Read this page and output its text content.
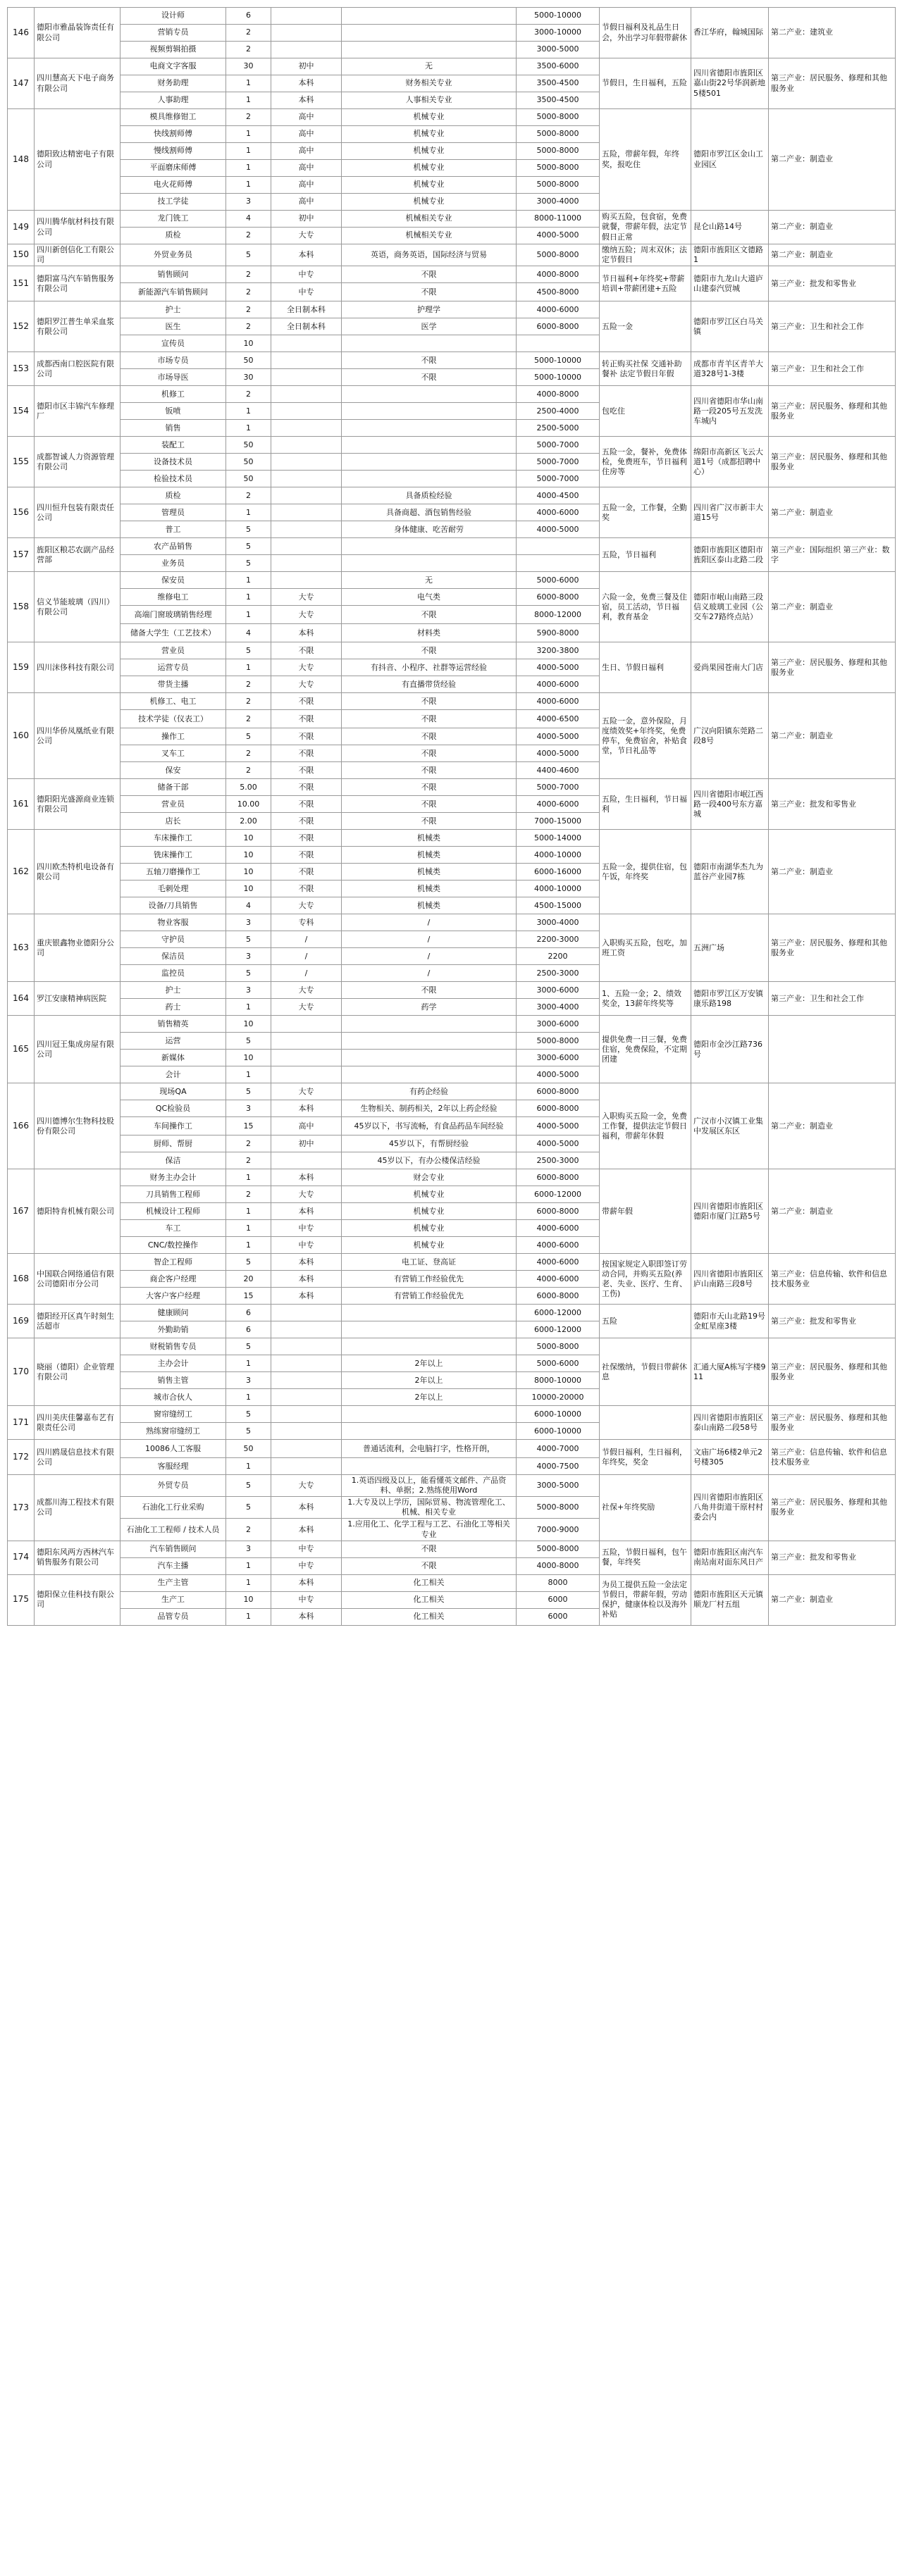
146	德阳市雅晶装饰责任有限公司	设计师	6			5000-10000	节假日福利及礼品生日会，外出学习年假带薪休	香江华府，翰城国际	第二产业：建筑业
		营销专员	2			3000-10000			
		视频剪辑拍摄	2			3000-5000			
147	四川慧高天下电子商务有限公司	电商文字客服	30	初中	无	3500-6000	节假日，生日福利，五险	四川省德阳市旌阳区嘉山街22号华润新地5楼501	第三产业：居民服务、修理和其他服务业
		财务助理	1	本科	财务相关专业	3500-4500			
		人事助理	1	本科	人事相关专业	3500-4500			
148	德阳致达精密电子有限公司	模具维修钳工	2	高中	机械专业	5000-8000	五险，带薪年假，年终奖，报吃住	德阳市罗江区金山工业园区	第二产业：制造业
		快线割师傅	1	高中	机械专业	5000-8000			
		慢线割师傅	1	高中	机械专业	5000-8000			
		平面磨床师傅	1	高中	机械专业	5000-8000			
		电火花师傅	1	高中	机械专业	5000-8000			
		技工学徒	3	高中	机械专业	3000-4000			
149	四川腾华航材科技有限公司	龙门铣工	4	初中	机械相关专业	8000-11000	购买五险，包食宿，免费就餐，带薪年假，法定节假日正常	昆仑山路14号	第二产业：制造业
		质检	2	大专	机械相关专业	4000-5000			
150	四川新创信化工有限公司	外贸业务员	5	本科	英语，商务英语，国际经济与贸易	5000-8000	缴纳五险；周末双休；法定节假日	德阳市旌阳区文德路1	第二产业：制造业
151	德阳富马汽车销售服务有限公司	销售顾问	2	中专	不限	4000-8000	节日福利+年终奖+带薪培训+带薪团建+五险	德阳市九龙山大道庐山建泰汽贸城	第三产业：批发和零售业
		新能源汽车销售顾问	2	中专	不限	4500-8000			
152	德阳罗江普生单采血浆有限公司	护士	2	全日制本科	护理学	4000-6000	五险一金	德阳市罗江区白马关镇	第三产业：卫生和社会工作
		医生	2	全日制本科	医学	6000-8000			
		宣传员	10						
153	成都西南口腔医院有限公司	市场专员	50		不限	5000-10000	转正购买社保 交通补助 餐补 法定节假日年假	成都市青羊区青羊大道328号1-3楼	第三产业：卫生和社会工作
		市场导医	30		不限	5000-10000			
154	德阳市区丰锦汽车修理厂	机修工	2			4000-8000	包吃住	四川省德阳市华山南路一段205号五发洗车城内	第三产业：居民服务、修理和其他服务业
		钣喷	1			2500-4000			
		销售	1			2500-5000			
155	成都智诚人力资源管理有限公司	装配工	50			5000-7000	五险一金，餐补，免费体检，免费班车，节日福利住房等	绵阳市高新区飞云大道1号（成都招聘中心）	第三产业：居民服务、修理和其他服务业
		设备技术员	50			5000-7000			
		检验技术员	50			5000-7000			
156	四川恒升包装有限责任公司	质检	2		具备质检经验	4000-4500	五险一金，工作餐，全勤奖	四川省广汉市新丰大道15号	第二产业：制造业
		管理员	1		具备商超、酒包销售经验	4000-6000			
		普工	5		身体健康、吃苦耐劳	4000-5000			
157	旌阳区粮芯农副产品经营部	农产品销售	5				五险，节日福利	德阳市旌阳区德阳市旌阳区泰山北路二段	第三产业：国际组织 第三产业：数字
		业务员	5						
158	信义节能玻璃（四川）有限公司	保安员	1		无	5000-6000	六险一金，免费三餐及住宿，员工活动，节日福利，教育基金	德阳市岷山南路三段信义玻璃工业园（公交车27路终点站）	第二产业：制造业
		维修电工	1	大专	电气类	6000-8000			
		高端门窗玻璃销售经理	1	大专	不限	8000-12000			
		储备大学生（工艺技术）	4	本科	材料类	5900-8000			
159	四川沫侈科技有限公司	营业员	5	不限	不限	3200-3800	生日、节假日福利	爱尚果园苍南大门店	第三产业：居民服务、修理和其他服务业
		运营专员	1	大专	有抖音、小程序、社群等运营经验	4000-5000			
		带货主播	2	大专	有直播带货经验	4000-6000			
160	四川华侨凤凰纸业有限公司	机修工、电工	2	不限	不限	4000-6000	五险一金，意外保险，月度绩效奖+年终奖，免费停车，免费宿舍，补贴食堂，节日礼品等	广汉向阳镇东莞路二段8号	第二产业：制造业
		技术学徒（仪表工）	2	不限	不限	4000-6500			
		操作工	5	不限	不限	4000-5000			
		叉车工	2	不限	不限	4000-5000			
		保安	2	不限	不限	4400-4600			
161	德阳阳光盛源商业连锁有限公司	储备干部	5.00	不限	不限	5000-7000	五险，生日福利，节日福利	四川省德阳市岷江西路一段400号东方嘉城	第三产业：批发和零售业
		营业员	10.00	不限	不限	4000-6000			
		店长	2.00	不限	不限	7000-15000			
162	四川欧杰特机电设备有限公司	车床操作工	10	不限	机械类	5000-14000	五险一金，提供住宿，包午饭，年终奖	德阳市南湖华杰九为蓝谷产业园7栋	第二产业：制造业
		铣床操作工	10	不限	机械类	4000-10000			
		五轴刀磨操作工	10	不限	机械类	6000-16000			
		毛刺处理	10	不限	机械类	4000-10000			
		设备/刀具销售	4	大专	机械类	4500-15000			
163	重庆银鑫物业德阳分公司	物业客服	3	专科	/	3000-4000	入职购买五险，包吃，加班工资	五洲广场	第三产业：居民服务、修理和其他服务业
		守护员	5	/	/	2200-3000			
		保洁员	3	/	/	2200			
		监控员	5	/	/	2500-3000			
164	罗江安康精神病医院	护士	3	大专	不限	3000-6000	1、五险一金；2、绩效奖金，13薪年终奖等	德阳市罗江区万安镇康乐路198	第三产业：卫生和社会工作
		药士	1	大专	药学	3000-4000			
165	四川冠王集成房屋有限公司	销售精英	10			3000-6000	提供免费一日三餐，免费住宿，免费保险，不定期团建	德阳市金沙江路736号	
		运营	5			5000-8000			
		新媒体	10			3000-6000			
		会计	1			4000-5000			
166	四川德博尔生物科技股份有限公司	现场QA	5	大专	有药企经验	6000-8000	入职购买五险一金，免费工作餐，提供法定节假日福利，带薪年休假	广汉市小汉镇工业集中发展区东区	第二产业：制造业
		QC检验员	3	本科	生物相关、制药相关，2年以上药企经验	6000-8000			
		车间操作工	15	高中	45岁以下，书写流畅，有食品药品车间经验	4000-5000			
		厨师、帮厨	2	初中	45岁以下，有帮厨经验	4000-5000			
		保洁	2		45岁以下，有办公楼保洁经验	2500-3000			
167	德阳特肯机械有限公司	财务主办会计	1	本科	财会专业	6000-8000	带薪年假	四川省德阳市旌阳区德阳市厦门江路5号	第二产业：制造业
		刀具销售工程师	2	大专	机械专业	6000-12000			
		机械设计工程师	1	本科	机械专业	6000-8000			
		车工	1	中专	机械专业	4000-6000			
		CNC/数控操作	1	中专	机械专业	4000-6000			
168	中国联合网络通信有限公司德阳市分公司	智企工程师	5	本科	电工证、登高证	4000-6000	按国家规定入职即签订劳动合同，并购买五险(养老、失业、医疗、生育、工伤)	四川省德阳市旌阳区庐山南路三段8号	第三产业：信息传输、软件和信息技术服务业
		商企客户经理	20	本科	有营销工作经验优先	4000-6000			
		大客户客户经理	15	本科	有营销工作经验优先	6000-8000			
169	德阳经开区真午时刻生活超市	健康顾问	6			6000-12000	五险	德阳市天山北路19号金虹星座3楼	第三产业：批发和零售业
		外勤助销	6			6000-12000			
170	晓丽（德阳）企业管理有限公司	财税销售专员	5			5000-8000	社保缴纳，节假日带薪休息	汇通大厦A栋写字楼911	第三产业：居民服务、修理和其他服务业
		主办会计	1		2年以上	5000-6000			
		销售主管	3		2年以上	8000-10000			
		城市合伙人	1		2年以上	10000-20000			
171	四川美庆佳馨嘉布艺有限责任公司	窗帘缝纫工	5			6000-10000		四川省德阳市旌阳区泰山南路二段58号	第三产业：居民服务、修理和其他服务业
		熟练窗帘缝纫工	5			6000-10000			
172	四川鸥晟信息技术有限公司	10086人工客服	50		普通话流利，会电脑打字，性格开朗，	4000-7000	节假日福利，生日福利，年终奖，奖金	文庙广场6楼2单元2号楼305	第三产业：信息传输、软件和信息技术服务业
		客服经理	1			4000-7500			
173	成都川海工程技术有限公司	外贸专员	5	大专	1.英语四级及以上，能看懂英文邮件、产品资料、单据；2.熟练使用Word	3000-5000	社保+年终奖励	四川省德阳市旌阳区八角井街道干原村村委会内	第三产业：居民服务、修理和其他服务业
		石油化工行业采购	5	本科	1.大专及以上学历，国际贸易、物流管理化工、机械、相关专业	5000-8000			
		石油化工工程师 / 技术人员	2	本科	1.应用化工、化学工程与工艺、石油化工等相关专业	7000-9000			
174	德阳东风两方西林汽车销售服务有限公司	汽车销售顾问	3	中专	不限	5000-8000	五险，节假日福利，包午餐，年终奖	德阳市旌阳区南汽车南站南对面东风日产	第三产业：批发和零售业
		汽车主播	1	中专	不限	4000-8000			
175	德阳保立佳科技有限公司	生产主管	1	本科	化工相关	8000	为员工提供五险一金法定节假日，带薪年假，劳动保护，健康体检以及海外补贴	德阳市旌阳区天元镇顺龙厂村五组	第二产业：制造业
		生产工	10	中专	化工相关	6000			
		品管专员	1	本科	化工相关	6000			
